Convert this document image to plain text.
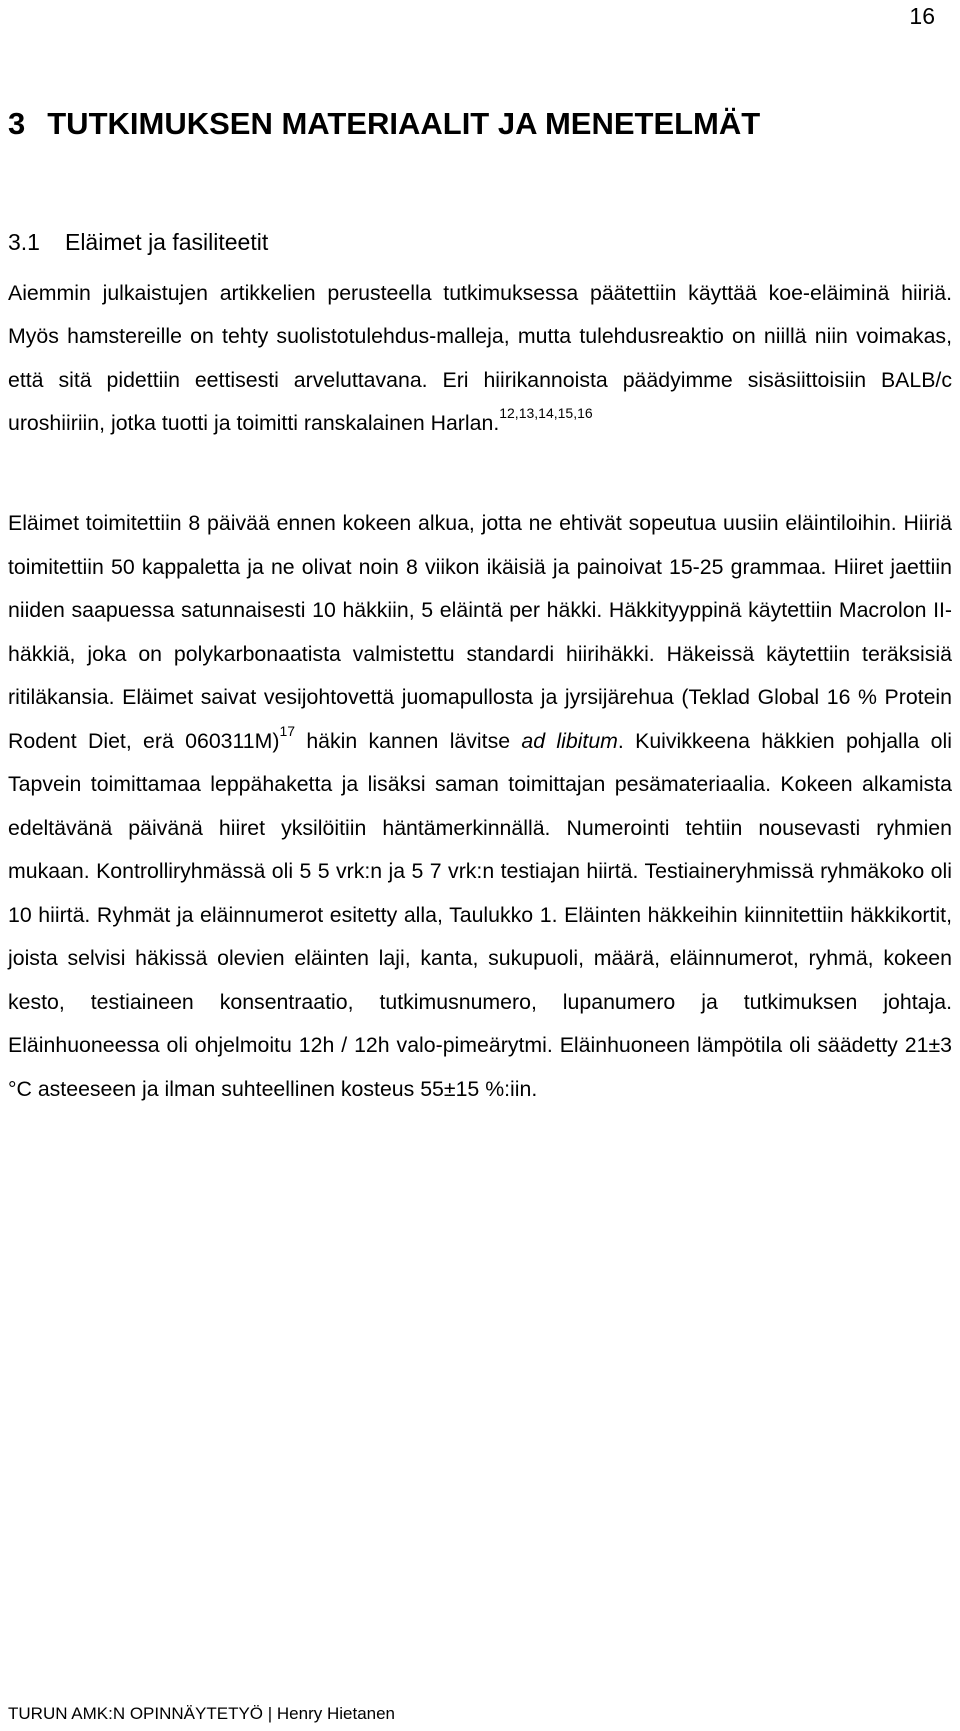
16
3 TUTKIMUKSEN MATERIAALIT JA MENETELMÄT
3.1 Eläimet ja fasiliteetit

Aiemmin julkaistujen artikkelien perusteella tutkimuksessa päätettiin käyttää koe-eläiminä hiiriä. Myös hamstereille on tehty suolistotulehdus-malleja, mutta tulehdusreaktio on niillä niin voimakas, että sitä pidettiin eettisesti arveluttavana. Eri hiirikannoista päädyimme sisäsiittoisiin BALB/c uroshiiriin, jotka tuotti ja toimitti ranskalainen Harlan.$^{12,13,14,15,16}$

Eläimet toimitettiin 8 päivää ennen kokeen alkua, jotta ne ehtivät sopeutua uusiin eläintiloihin. Hiiriä toimitettiin 50 kappaletta ja ne olivat noin 8 viikon ikäisiä ja painoivat 15-25 grammaa. Hiiret jaettiin niiden saapuessa satunnaisesti 10 häkkiin, 5 eläintä per häkki. Häkkityyppinä käytettiin Macrolon II-häkkiä, joka on polykarbonaatista valmistettu standardi hiirihäkki. Häkeissä käytettiin teräksisiä ritiläkansia. Eläimet saivat vesijohtovettä juomapullosta ja jyrsijärehua (Teklad Global 16 % Protein Rodent Diet, erä 060311M)$^{17}$ häkin kannen lävitse ad libitum. Kuivikkeena häkkien pohjalla oli Tapvein toimittamaa leppähaketta ja lisäksi saman toimittajan pesämateriaalia. Kokeen alkamista edeltävänä päivänä hiiret yksilöitiin häntämerkinnällä. Numerointi tehtiin nousevasti ryhmien mukaan. Kontrolliryhmässä oli 5 5 vrk:n ja 5 7 vrk:n testiajan hiirtä. Testiaineryhmissä ryhmäkoko oli 10 hiirtä. Ryhmät ja eläinnumerot esitetty alla, Taulukko 1. Eläinten häkkeihin kiinnitettiin häkkikortit, joista selvisi häkissä olevien eläinten laji, kanta, sukupuoli, määrä, eläinnumerot, ryhmä, kokeen kesto, testiaineen konsentraatio, tutkimusnumero, lupanumero ja tutkimuksen johtaja. Eläinhuoneessa oli ohjelmoitu 12h / 12h valo-pimeärytmi. Eläinhuoneen lämpötila oli säädetty 21±3 °C asteeseen ja ilman suhteellinen kosteus 55±15 %:iin.

TURUN AMK:N OPINNÄYTETYÖ | Henry Hietanen
